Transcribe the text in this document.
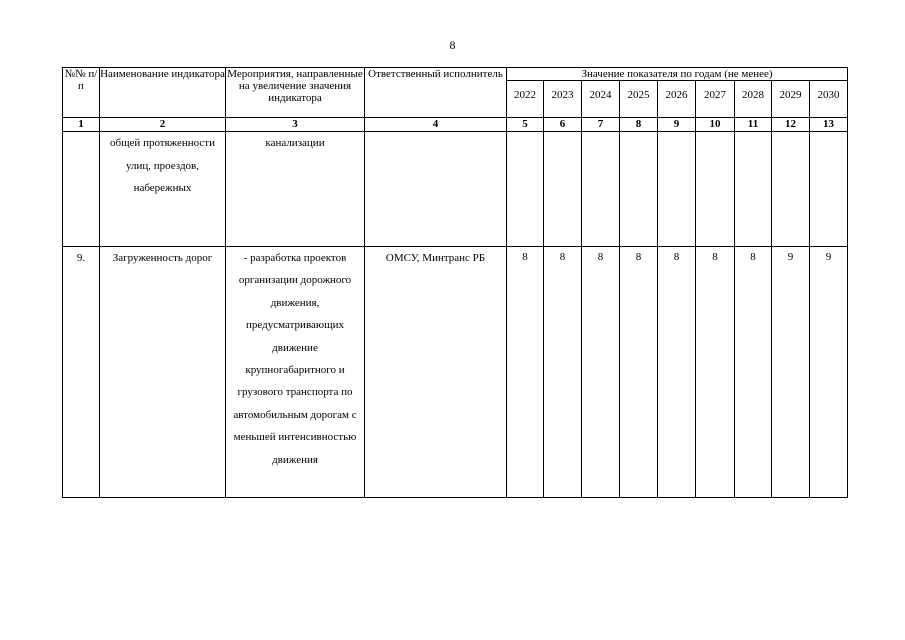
8
№№ п/п	Наименование индикатора	Мероприятия, направленные на увеличение значения индикатора	Ответственный исполнитель	Значение показателя по годам (не менее)								
				2022	2023	2024	2025	2026	2027	2028	2029	2030
1	2	3	4	5	6	7	8	9	10	11	12	13
	общей протяженности улиц, проездов, набережных	канализации										
9.	Загруженность дорог	- разработка проектов организации дорожного движения, предусматривающих движение крупногабаритного и грузового транспорта по автомобильным дорогам с меньшей интенсивностью движения	ОМСУ, Минтранс РБ	8	8	8	8	8	8	8	9	9
